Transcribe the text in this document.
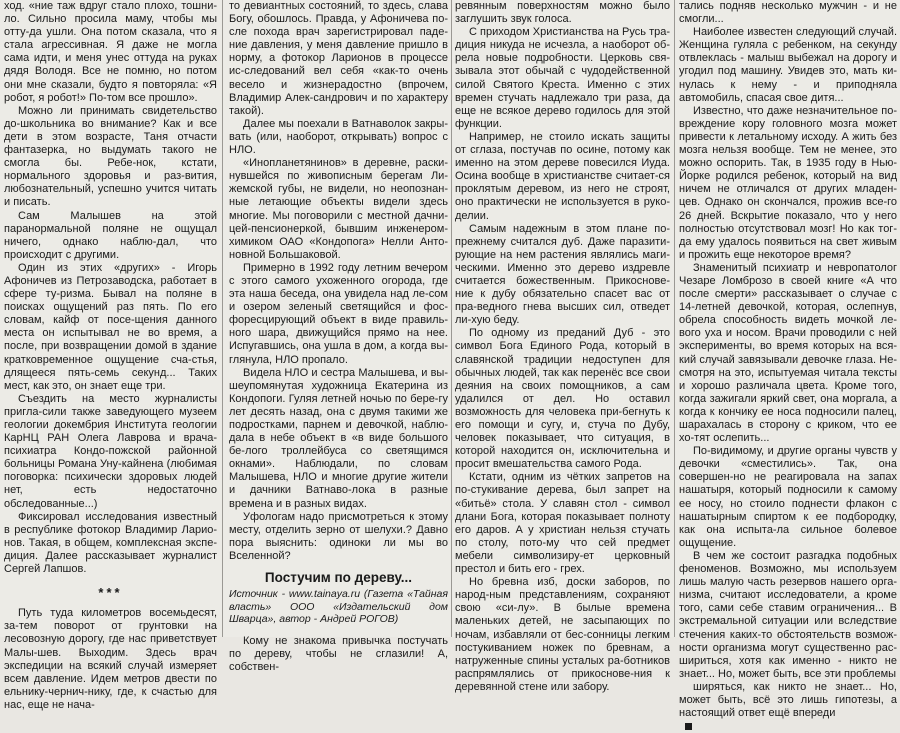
ход. «ние таж вдруг стало плохо, тошни-ло. Сильно просила маму, чтобы мы отту-да ушли. Она потом сказала, что я стала агрессивная. Я даже не могла сама идти, и меня унес оттуда на руках дядя Володя. Все не помню, но потом они мне сказали, будто я повторяла: «Я робот, я робот!» По-том все прошло».

Можно ли принимать свидетельство до-школьника во внимание? Как и все дети в этом возрасте, Таня отчасти фантазерка, но выдумать такого не смогла бы. Ребе-нок, кстати, нормального здоровья и раз-вития, любознательный, успешно учится читать и писать.

Сам Малышев на этой паранормальной поляне не ощущал ничего, однако наблю-дал, что происходит с другими.

Один из этих «других» - Игорь Афоничев из Петрозаводска, работает в сфере ту-ризма. Бывал на поляне в поисках ощущений раз пять. По его словам, кайф от посе-щения данного места он испытывал не во время, а после, при возвращении домой в здание кратковременное ощущение сча-стья, длящееся пять-семь секунд... Таких мест, как это, он знает еще три.

Съездить на место журналисты пригла-сили также заведующего музеем геологии докембрия Института геологии КарНЦ РАН Олега Лаврова и врача-психиатра Кондо-пожской районной больницы Романа Уну-кайнена (любимая поговорка: психически здоровых людей нет, есть недостаточно обследованные...)

Фиксировал исследования известный в республике фотокор Владимир Ларио-нов. Такая, в общем, комплексная экспе-диция. Далее рассказывает журналист Сергей Лапшов.

***

Путь туда километров восемьдесят, за-тем поворот от грунтовки на лесовозную дорогу, где нас приветствует Малы-шев. Выходим. Здесь врач экспедиции на всякий случай измеряет всем давление. Идем метров двести по ельнику-чернич-нику, где, к счастью для нас, еще не нача-

то девиантных состояний, то здесь, слава Богу, обошлось. Правда, у Афоничева по-сле похода врач зарегистрировал паде-ние давления, у меня давление пришло в норму, а фотокор Ларионов в процессе ис-следований вел себя «как-то очень весело и жизнерадостно (впрочем, Владимир Алек-сандрович и по характеру такой).

Далее мы поехали в Ватнаволок закры-вать (или, наоборот, открывать) вопрос с НЛО.

«Инопланетянинов» в деревне, раски-нувшейся по живописным берегам Ли-жемской губы, не видели, но неопознан-ные летающие объекты видели здесь многие. Мы поговорили с местной дачни-цей-пенсионеркой, бывшим инженером-химиком ОАО «Кондопога» Нелли Анто-новной Большаковой.

Примерно в 1992 году летним вечером с этого самого ухоженного огорода, где эта наша беседа, она увидела над ле-сом и озером зеленый светящийся и фос-форесцирующий объект в виде правиль-ного шара, движущийся прямо на нее. Испугавшись, она ушла в дом, а когда вы-глянула, НЛО пропало.

Видела НЛО и сестра Малышева, и вы-шеупомянутая художница Екатерина из Кондопоги. Гуляя летней ночью по бере-гу лет десять назад, она с двумя такими же подростками, парнем и девочкой, наблю-дала в небе объект в «в виде большого бе-лого троллейбуса со светящимся окнами». Наблюдали, по словам Малышева, НЛО и многие другие жители и дачники Ватнаво-лока в разные времена и в разных видах.

Уфологам надо присмотреться к этому месту, отделить зерно от шелухи.? Давно пора выяснить: одиноки ли мы во Вселенной?

Постучим по дереву...

Источник - www.tainaya.ru (Газета «Тайная власть» ООО «Издательский дом Шварца», автор - Андрей РОГОВ)

Кому не знакома привычка постучать по дереву, чтобы не сглазили! А, собствен-

ревянным поверхностям можно было заглушить звук голоса.

С приходом Христианства на Русь тра-диция никуда не исчезла, а наоборот об-рела новые подробности. Церковь свя-зывала этот обычай с чудодейственной силой Святого Креста. Именно с этих времен стучать надлежало три раза, да еще не всякое дерево годилось для этой функции.

Например, не стоило искать защиты от сглаза, постучав по осине, потому как именно на этом дереве повесился Иуда. Осина вообще в христианстве считает-ся проклятым деревом, из него не строят, оно практически не используется в руко-делии.

Самым надежным в этом плане по-прежнему считался дуб. Даже паразити-рующие на нем растения являлись маги-ческими. Именно это дерево издревле считается божественным. Прикоснове-ние к дубу обязательно спасет вас от пра-ведного гнева высших сил, отведет ли-хую беду.

По одному из преданий Дуб - это символ Бога Единого Рода, который в славянской традиции недоступен для обычных людей, так как перенёс все свои деяния на своих помощников, а сам удалился от дел. Но оставил возможность для человека при-бегнуть к его помощи и сугу, и, стуча по Дубу, человек показывает, что ситуация, в которой находится он, исключительна и просит вмешательства самого Рода.

Кстати, одним из чётких запретов на по-стукивание дерева, был запрет на «битьё» стола. У славян стол - символ длани Бога, которая показывает полноту его даров. А у христиан нельзя стучать по столу, пото-му что сей предмет мебели символизиру-ет церковный престол и бить его - грех.

Но бревна изб, доски заборов, по народ-ным представлениям, сохраняют свою «си-лу». В былые времена маленьких детей, не засыпающих по ночам, избавляли от бес-сонницы легким постукиванием ножек по бревнам, а натруженные спины усталых ра-ботников распрямлялись от прикоснове-ния к деревянной стене или забору.

тались подняв несколько мужчин - и не смогли...

Наиболее известен следующий случай. Женщина гуляла с ребенком, на секунду отвлеклась - малыш выбежал на дорогу и угодил под машину. Увидев это, мать ки-нулась к нему - и приподняла автомобиль, спасая свое дитя...

Известно, что даже незначительное по-вреждение кору головного мозга может привести к летальному исходу. А жить без мозга нельзя вообще. Тем не менее, это можно оспорить. Так, в 1935 году в Нью-Йорке родился ребенок, который на вид ничем не отличался от других младен-цев. Однако он скончался, прожив все-го 26 дней. Вскрытие показало, что у него полностью отсутствовал мозг! Но как тог-да ему удалось появиться на свет живым и прожить еще некоторое время?

Знаменитый психиатр и невропатолог Чезаре Ломброзо в своей книге «А что после смерти» рассказывает о случае с 14-летней девочкой, которая, ослепнув, обрела способность видеть мочкой ле-вого уха и носом. Врачи проводили с ней эксперименты, во время которых на вся-кий случай завязывали девочке глаза. Не-смотря на это, испытуемая читала тексты и хорошо различала цвета. Кроме того, когда зажигали яркий свет, она моргала, а когда к кончику ее носа подносили палец, шарахалась в сторону с криком, что ее хо-тят ослепить...

По-видимому, и другие органы чувств у девочки «сместились». Так, она совершен-но не реагировала на запах нашатыря, который подносили к самому ее носу, но стоило поднести флакон с нашатырным спиртом к ее подбородку, как она испыта-ла сильное болевое ощущение.

В чем же состоит разгадка подобных феноменов. Возможно, мы используем лишь малую часть резервов нашего орга-низма, считают исследователи, а кроме того, сами себе ставим ограничения... В экстремальной ситуации или вследствие стечения каких-то обстоятельств возмож-ности организма могут существенно рас-шириться, хотя как именно - никто не знает... Но, может быть, все эти проблемы

ширяться, как никто не знает... Но, может быть, всё это лишь гипотезы, а настоящий ответ ещё впереди
